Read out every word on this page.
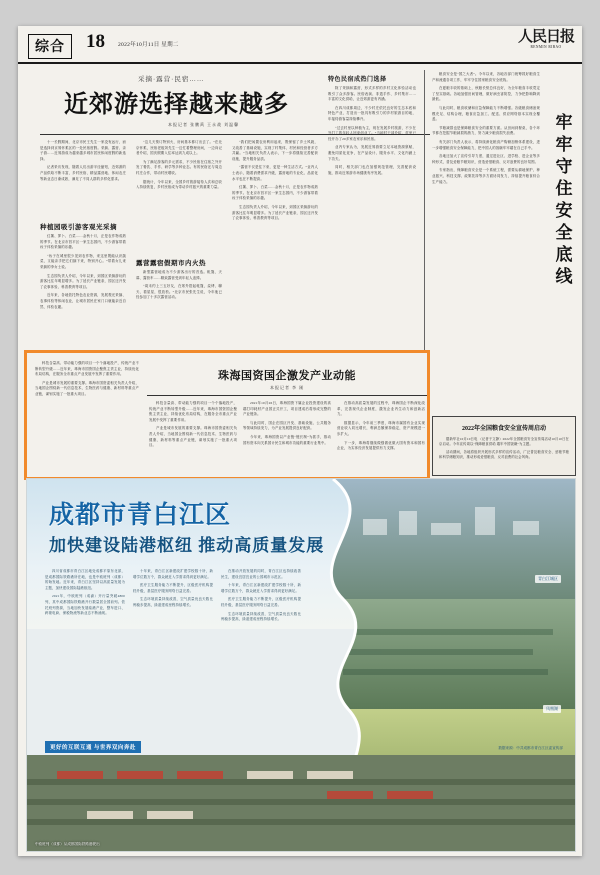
综合	18 2022年10月11日 星期二	人民日报
RENMIN RIBAO
采摘·露营·民宿……
近郊游选择越来越多
本报记者 张鹏禹 王永战 刘温馨

十一长假期间，北京市民王先生一家没有远行，而是选择到京郊怀柔区的一处民宿度假。采摘、露营、亲子游……近郊游成为越来越多城市居民休闲度假的新选择。

记者采访发现，随着人们出游半径缩短，近郊游的产品供给不断丰富，乡村民宿、精品露营地、休闲农庄等新业态日渐成熟，满足了不同人群的多样化需求。

种植园吸引游客观光采摘

红薯、萝卜、白菜……金秋十月，正是农作物成熟的季节。在北京市昌平区一家生态园内，不少游客带着孩子体验采摘的乐趣。

“孩子在城里很少见到农作物，来这里既能认识蔬菜，又能亲手把它们摘下来，特别开心。”带着女儿来采摘的李女士说。

生态园负责人介绍，今年以来，到园区采摘游玩的游客比往年明显增多。为了延长产业链条，园区还开发了农事体验、科普教育等项目。

近年来，各地依托特色农业资源，发展观光采摘、农事体验等休闲农业，让城市居民在家门口就能亲近自然、体验农趣。

“这几天预订特别火，房间基本都订出去了。”在北京怀柔，民宿老板刘先生一边忙着整理房间，一边向记者介绍，国庆假期入住率达到九成以上。

为了满足游客的多元需求，不少民宿在住宿之外开发了餐饮、手作、研学等多种业态。有的民宿还与周边村庄合作，带动村民增收。

据统计，今年以来，全国乡村旅游接待人次和总收入持续恢复，乡村民宿成为带动乡村振兴的重要力量。

露营露宿假期市内火热

新型露营地成为不少游客出行的首选。帐篷、天幕、露营车……精致露营受到年轻人追捧。

“周末约上三五好友，在郊外搭起帐篷，烧烤、聊天、看星星，很放松。”北京市民张先生说，今年他已经参加了十多次露营活动。

“我们把闲置农房利用起来，既保留了乡土风貌，又改善了基础设施，实现了村集体、村民和经营者多方共赢。”当地相关负责人表示，下一步将继续完善配套设施，提升服务品质。

“露营不仅是住下来，更是一种生活方式。”业内人士表示，随着消费需求升级，露营地的专业化、品质化水平也在不断提高。

红薯、萝卜、白菜……金秋十月，正是农作物成熟的季节。在北京市昌平区一家生态园内，不少游客带着孩子体验采摘的乐趣。

生态园负责人介绍，今年以来，到园区采摘游玩的游客比往年明显增多。为了延长产业链条，园区还开发了农事体验、科普教育等项目。

特色民宿成热门选择

除了采摘和露营，形式多样的乡村文化体验活动也吸引了众多游客。民俗表演、非遗手作、乡村集市……丰富的文化供给，让近郊游更有内涵。

在四川成都周边，不少村庄依托良好的生态本底和特色产业，打造出一批具有吸引力的乡村旅游目的地，年接待游客量持续攀升。

“过去村里以种植为主，现在发展乡村旅游，不少在外打工的年轻人回来创业了。”当地村干部介绍，村里已经开办了20多家农家乐和民宿。

业内专家认为，发展近郊游要立足本地资源禀赋，避免同质化竞争，在产品设计、服务水平、文化内涵上下功夫。

同时，相关部门也在加强规范管理，完善配套设施，推动近郊游市场健康有序发展。

粮食安全是“国之大者”。今年以来，各地各部门统筹抓好粮食生产和流通各项工作，牢牢守住国家粮食安全底线。

在夏粮丰收的基础上，秋粮长势总体良好，为全年粮食丰收奠定了坚实基础。各地加强田间管理，做好病虫害防控，力争把影响降到最低。

与此同时，粮食收储和应急保障能力不断增强。各级粮食储备规模充足、结构合理，粮食应急加工、配送、供应网络基本实现全覆盖。

节粮减损也是保障粮食安全的重要方面。从田间到餐桌，各个环节都在挖掘节粮减损的潜力，努力减少粮食损失浪费。

有关部门负责人表示，将持续深化粮食产购储加销体系建设，进一步增强粮食安全保障能力，把中国人的饭碗牢牢端在自己手中。

各地还加大了宣传引导力度，通过进社区、进学校、进企业等多种形式，普及爱粮节粮知识，营造爱惜粮食、反对浪费的良好氛围。

专家指出，保障粮食安全是一个系统工程，需要从耕地保护、种业振兴、科技支撑、政策扶持等多方面协同发力，持续提升粮食综合生产能力。

牢牢守住安全底线
2022年全国粮食安全宣传周启动

据新华社10月10日电 （记者于文静）2022年全国粮食安全宣传周活动10月10日在京启动。今年宣传周以“保障粮食供给 端牢中国饭碗”为主题。

活动期间，各地将组织开展形式多样的宣传活动，广泛普及粮食安全、爱粮节粮和科学储粮知识，推动形成爱惜粮食、反对浪费的社会风尚。

科技含量高、带动能力强的项目一个个落地投产，传统产业不断转型升级……近年来，珠海市国资国企聚焦主责主业，持续优化布局结构，在服务全市重点产业发展中发挥了重要作用。

产业是城市发展的重要支撑。珠海市国资委相关负责人介绍，当地国企围绕新一代信息技术、生物医药与健康、新材料等重点产业链，谋划实施了一批重大项目。

珠海国资国企激发产业动能
本报记者 李 刚

科技含量高、带动能力强的项目一个个落地投产，传统产业不断转型升级……近年来，珠海市国资国企聚焦主责主业，持续优化布局结构，在服务全市重点产业发展中发挥了重要作用。

产业是城市发展的重要支撑。珠海市国资委相关负责人介绍，当地国企围绕新一代信息技术、生物医药与健康、新材料等重点产业链，谋划实施了一批重大项目。

2021年10月26日，珠海国资下属企业投资建设的高端打印耗材产业园正式开工，项目建成后将形成完整的产业链条。

与此同时，国企在园区开发、基础设施、公共服务等领域持续发力，为产业发展提供良好配套。

今年来，珠海国资以产业链“链长制”为抓手，推动国有资本向关系国计民生和城市功能的重要行业集中。

在推动高质量发展的过程中，珠海国企不断深化改革，完善现代企业制度，激发企业内生动力和创新活力。

数据显示，今年前三季度，珠海市属国有企业实现营业收入同比增长，利润总额保持稳定，资产规模进一步扩大。

下一步，珠海将继续做强做优做大国有资本和国有企业，为实体经济发展提供有力支撑。

青白江城区
凤凰湖
成都市青白江区
加快建设陆港枢纽 推动高质量发展

四川省成都市青白江区地处成都平原东北部，是成都国际铁路港所在地，也是中欧班列（成都）的始发地。近年来，青白江区坚持以高质量发展为主题，加快建设国际陆港枢纽。

2021年，中欧班列（成渝）开行量突破4800列，其中成都国际铁路港开行数量居全国前列。依托班列资源，当地加快发展临港产业，整车进口、跨境电商、保税物流等新业态不断涌现。

更好的互联互通 与世界双向奔赴

十年来，青白江区新建改扩建学校数十所，新增学位数万个，群众就近入学需求得到更好满足。

医疗卫生服务能力不断提升，区级医疗机构提档升级，基层医疗服务网络日益完善。

生态环境质量持续改善，空气质量优良天数比例稳步提高，绿道建成里程持续增长。

在推动开放发展的同时，青白江区也持续改善民生，建设宜居宜业的公园城市示范区。

十年来，青白江区新建改扩建学校数十所，新增学位数万个，群众就近入学需求得到更好满足。

医疗卫生服务能力不断提升，区级医疗机构提档升级，基层医疗服务网络日益完善。

生态环境质量持续改善，空气质量优良天数比例稳步提高，绿道建成里程持续增长。

数据来源：中共成都市青白江区委宣传部
中欧班列（成都）从成都国际铁路港驶出
